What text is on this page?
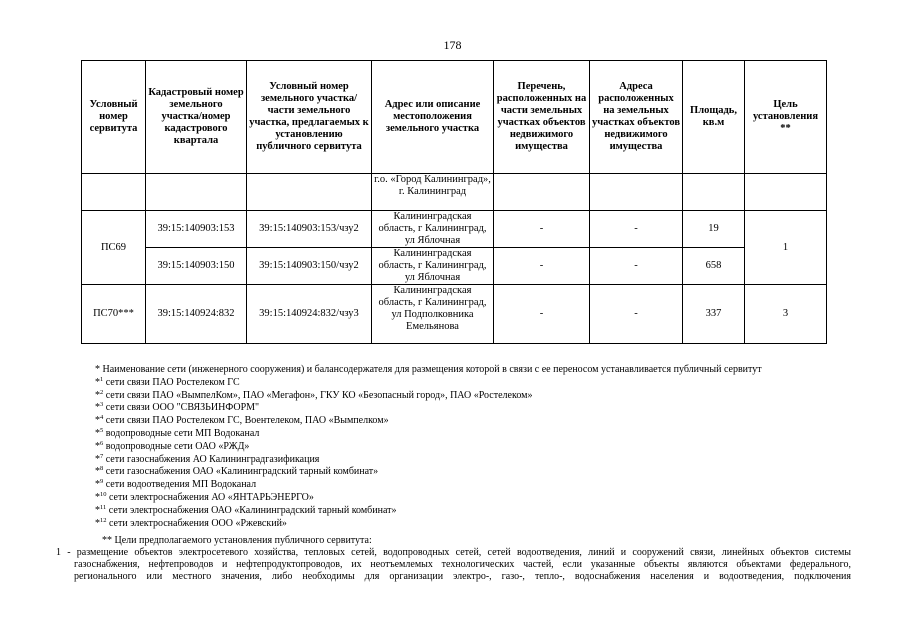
178
Условный номер сервитута	Кадастровый номер земельного участка/номер кадастрового квартала	Условный номер земельного участка/части земельного участка, предлагаемых к установлению публичного сервитута	Адрес или описание местоположения земельного участка	Перечень, расположенных на части земельных участках объектов недвижимого имущества	Адреса расположенных на земельных участках объектов недвижимого имущества	Площадь, кв.м	Цель установления **
			г.о. «Город Калининград», г. Калининград				
ПС69	39:15:140903:153	39:15:140903:153/чзу2	Калининградская область, г Калининград, ул Яблочная	-	-	19	1
	39:15:140903:150	39:15:140903:150/чзу2	Калининградская область, г Калининград, ул Яблочная	-	-	658	
ПС70***	39:15:140924:832	39:15:140924:832/чзу3	Калининградская область, г Калининград, ул Подполковника Емельянова	-	-	337	3
* Наименование сети (инженерного сооружения) и балансодержателя для размещения которой в связи с ее переносом устанавливается публичный сервитут
*$^1$ сети связи ПАО Ростелеком ГС
*$^2$ сети связи ПАО «ВымпелКом», ПАО «Мегафон», ГКУ КО «Безопасный город», ПАО «Ростелеком»
*$^3$ сети связи ООО "СВЯЗЬИНФОРМ"
*$^4$ сети связи ПАО Ростелеком ГС, Воентелеком, ПАО «Вымпелком»
*$^5$ водопроводные сети МП Водоканал
*$^6$ водопроводные сети ОАО «РЖД»
*$^7$ сети газоснабжения АО Калининградгазификация
*$^8$ сети газоснабжения ОАО «Калининградский тарный комбинат»
*$^9$ сети водоотведения МП Водоканал
*$^{10}$ сети электроснабжения АО «ЯНТАРЬЭНЕРГО»
*$^{11}$ сети электроснабжения ОАО «Калининградский тарный комбинат»
*$^{12}$ сети электроснабжения ООО «Ржевский»
** Цели предполагаемого установления публичного сервитута:
1 - размещение объектов электросетевого хозяйства, тепловых сетей, водопроводных сетей, сетей водоотведения, линий и сооружений связи, линейных объектов системы
газоснабжения, нефтепроводов и нефтепродуктопроводов, их неотъемлемых технологических частей, если указанные объекты являются объектами федерального,
регионального или местного значения, либо необходимы для организации электро-, газо-, тепло-, водоснабжения населения и водоотведения, подключения
